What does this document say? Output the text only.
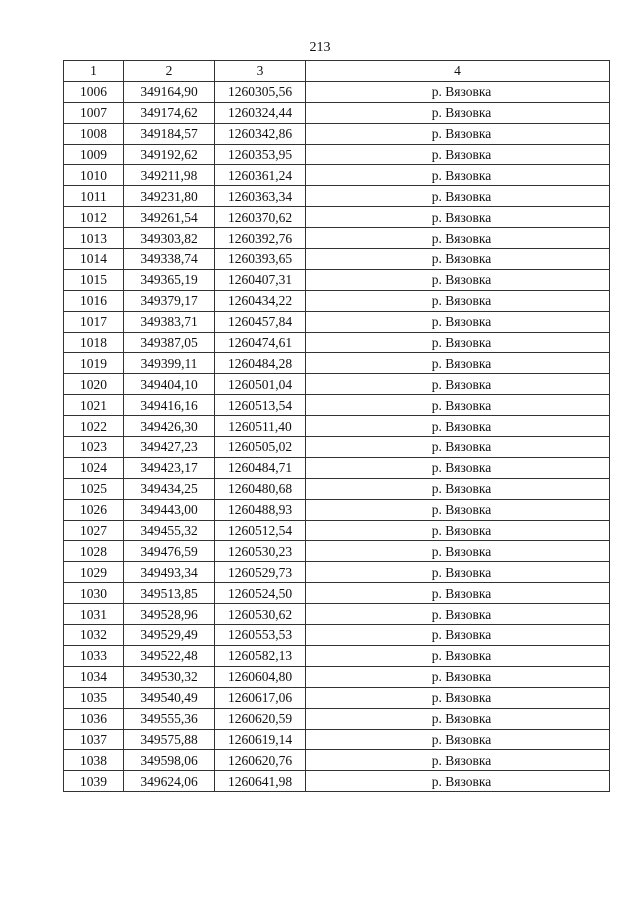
213
1	2	3	4
1006	349164,90	1260305,56	р. Вязовка
1007	349174,62	1260324,44	р. Вязовка
1008	349184,57	1260342,86	р. Вязовка
1009	349192,62	1260353,95	р. Вязовка
1010	349211,98	1260361,24	р. Вязовка
1011	349231,80	1260363,34	р. Вязовка
1012	349261,54	1260370,62	р. Вязовка
1013	349303,82	1260392,76	р. Вязовка
1014	349338,74	1260393,65	р. Вязовка
1015	349365,19	1260407,31	р. Вязовка
1016	349379,17	1260434,22	р. Вязовка
1017	349383,71	1260457,84	р. Вязовка
1018	349387,05	1260474,61	р. Вязовка
1019	349399,11	1260484,28	р. Вязовка
1020	349404,10	1260501,04	р. Вязовка
1021	349416,16	1260513,54	р. Вязовка
1022	349426,30	1260511,40	р. Вязовка
1023	349427,23	1260505,02	р. Вязовка
1024	349423,17	1260484,71	р. Вязовка
1025	349434,25	1260480,68	р. Вязовка
1026	349443,00	1260488,93	р. Вязовка
1027	349455,32	1260512,54	р. Вязовка
1028	349476,59	1260530,23	р. Вязовка
1029	349493,34	1260529,73	р. Вязовка
1030	349513,85	1260524,50	р. Вязовка
1031	349528,96	1260530,62	р. Вязовка
1032	349529,49	1260553,53	р. Вязовка
1033	349522,48	1260582,13	р. Вязовка
1034	349530,32	1260604,80	р. Вязовка
1035	349540,49	1260617,06	р. Вязовка
1036	349555,36	1260620,59	р. Вязовка
1037	349575,88	1260619,14	р. Вязовка
1038	349598,06	1260620,76	р. Вязовка
1039	349624,06	1260641,98	р. Вязовка
